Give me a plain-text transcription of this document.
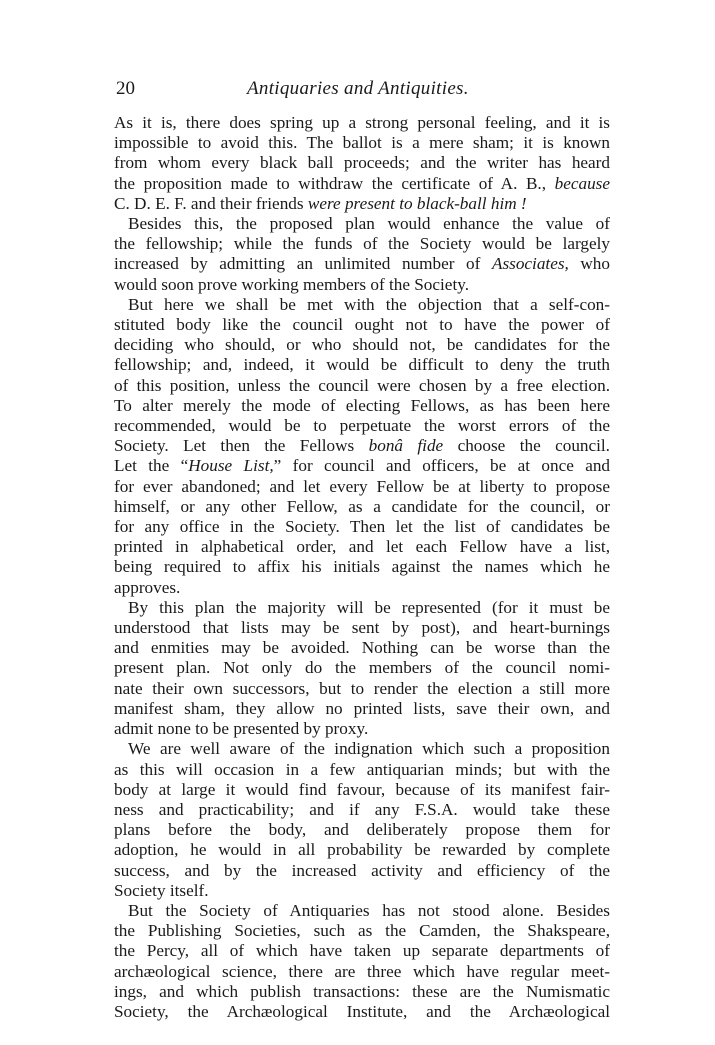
20	Antiquaries and Antiquities.
As it is, there does spring up a strong personal feeling, and it is
impossible to avoid this. The ballot is a mere sham; it is known
from whom every black ball proceeds; and the writer has heard
the proposition made to withdraw the certificate of A. B., because
C. D. E. F. and their friends were present to black-ball him !
Besides this, the proposed plan would enhance the value of
the fellowship; while the funds of the Society would be largely
increased by admitting an unlimited number of Associates, who
would soon prove working members of the Society.
But here we shall be met with the objection that a self-con-
stituted body like the council ought not to have the power of
deciding who should, or who should not, be candidates for the
fellowship; and, indeed, it would be difficult to deny the truth
of this position, unless the council were chosen by a free election.
To alter merely the mode of electing Fellows, as has been here
recommended, would be to perpetuate the worst errors of the
Society. Let then the Fellows bonâ fide choose the council.
Let the “House List,” for council and officers, be at once and
for ever abandoned; and let every Fellow be at liberty to propose
himself, or any other Fellow, as a candidate for the council, or
for any office in the Society. Then let the list of candidates be
printed in alphabetical order, and let each Fellow have a list,
being required to affix his initials against the names which he
approves.
By this plan the majority will be represented (for it must be
understood that lists may be sent by post), and heart-burnings
and enmities may be avoided. Nothing can be worse than the
present plan. Not only do the members of the council nomi-
nate their own successors, but to render the election a still more
manifest sham, they allow no printed lists, save their own, and
admit none to be presented by proxy.
We are well aware of the indignation which such a proposition
as this will occasion in a few antiquarian minds; but with the
body at large it would find favour, because of its manifest fair-
ness and practicability; and if any F.S.A. would take these
plans before the body, and deliberately propose them for
adoption, he would in all probability be rewarded by complete
success, and by the increased activity and efficiency of the
Society itself.
But the Society of Antiquaries has not stood alone. Besides
the Publishing Societies, such as the Camden, the Shakspeare,
the Percy, all of which have taken up separate departments of
archæological science, there are three which have regular meet-
ings, and which publish transactions: these are the Numismatic
Society, the Archæological Institute, and the Archæological
